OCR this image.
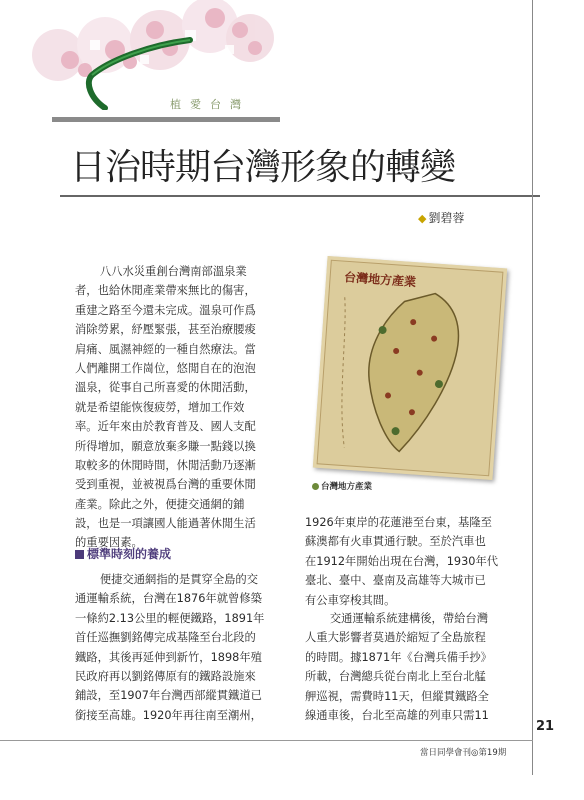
植愛台灣
日治時期台灣形象的轉變
◆ 劉碧蓉
八八水災重創台灣南部溫泉業
者，也給休閒產業帶來無比的傷害，
重建之路至今還未完成。溫泉可作爲
消除勞累，紓壓緊張，甚至治療腰痠
肩痛、風濕神經的一種自然療法。當
人們離開工作崗位，悠閒自在的泡泡
溫泉，從事自己所喜愛的休閒活動，
就是希望能恢復疲勞，增加工作效
率。近年來由於教育普及、國人支配
所得增加，願意放棄多賺一點錢以換
取較多的休閒時間，休閒活動乃逐漸
受到重視，並被視爲台灣的重要休閒
產業。除此之外，便捷交通網的鋪
設，也是一項讓國人能過著休閒生活
的重要因素。
標準時刻的養成
便捷交通網指的是貫穿全島的交
通運輸系統，台灣在1876年就曾修築
一條約2.13公里的輕便鐵路，1891年
首任巡撫劉銘傳完成基隆至台北段的
鐵路，其後再延伸到新竹，1898年殖
民政府再以劉銘傳原有的鐵路設施來
鋪設，至1907年台灣西部縱貫鐵道已
銜接至高雄。1920年再往南至潮州，
台灣地方產業
台灣地方產業
1926年東岸的花蓮港至台東，基隆至
蘇澳都有火車貫通行駛。至於汽車也
在1912年開始出現在台灣，1930年代
臺北、臺中、臺南及高雄等大城市已
有公車穿梭其間。
交通運輸系統建構後，帶給台灣
人重大影響者莫過於縮短了全島旅程
的時間。據1871年《台灣兵備手抄》
所載，台灣總兵從台南北上至台北艋
舺巡視，需費時11天，但縱貫鐵路全
線通車後，台北至高雄的列車只需11
21
當日同學會刊◎第19期
